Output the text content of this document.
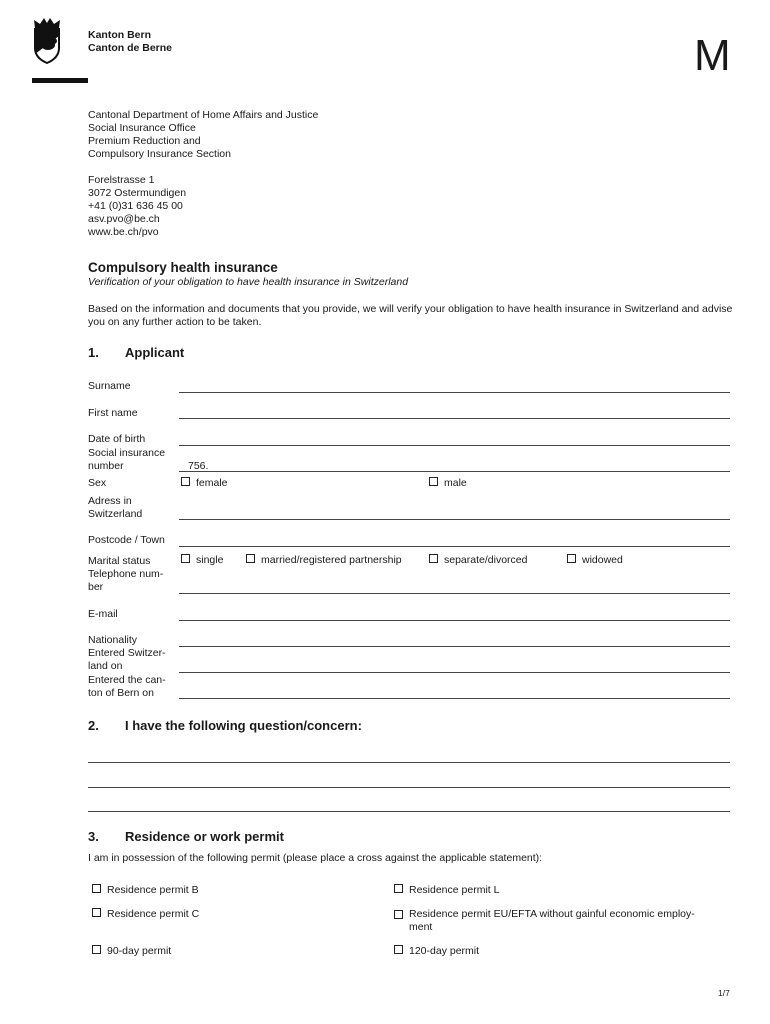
Kanton Bern
Canton de Berne	M
Cantonal Department of Home Affairs and Justice
Social Insurance Office
Premium Reduction and
Compulsory Insurance Section
Forelstrasse 1
3072 Ostermundigen
+41 (0)31 636 45 00
asv.pvo@be.ch
www.be.ch/pvo
Compulsory health insurance
Verification of your obligation to have health insurance in Switzerland
Based on the information and documents that you provide, we will verify your obligation to have health insurance in Switzerland and advise you on any further action to be taken.
1. Applicant
Surname
First name
Date of birth
Social insurance
number	756.
Sex	female	male
Adress in
Switzerland
Postcode / Town
Marital status	single	married/registered partnership	separate/divorced	widowed
Telephone num-
ber
E-mail
Nationality
Entered Switzer-
land on
Entered the can-
ton of Bern on
2. I have the following question/concern:
3. Residence or work permit
I am in possession of the following permit (please place a cross against the applicable statement):
Residence permit B	Residence permit L
Residence permit C	Residence permit EU/EFTA without gainful economic employ-
ment
90-day permit	120-day permit
1/7
